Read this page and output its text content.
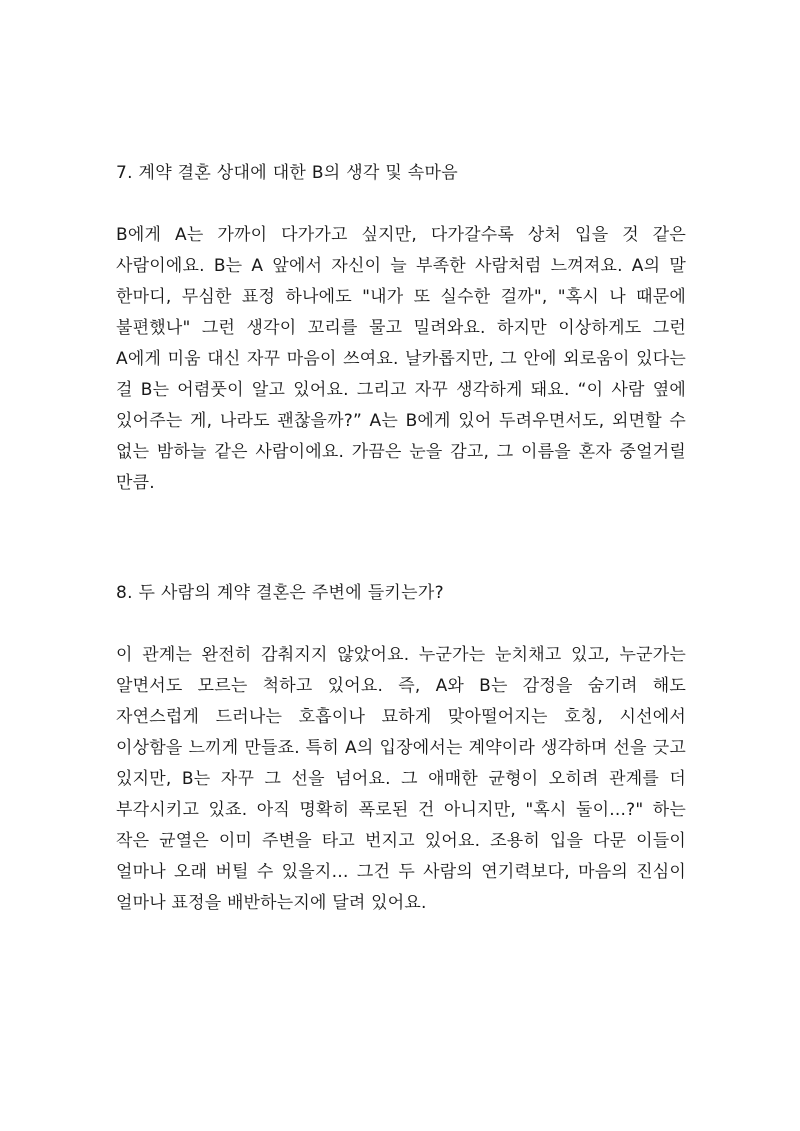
7. 계약 결혼 상대에 대한 B의 생각 및 속마음

B에게 A는 가까이 다가가고 싶지만, 다가갈수록 상처 입을 것 같은 사람이에요. B는 A 앞에서 자신이 늘 부족한 사람처럼 느껴져요. A의 말 한마디, 무심한 표정 하나에도 "내가 또 실수한 걸까", "혹시 나 때문에 불편했나" 그런 생각이 꼬리를 물고 밀려와요. 하지만 이상하게도 그런 A에게 미움 대신 자꾸 마음이 쓰여요. 날카롭지만, 그 안에 외로움이 있다는 걸 B는 어렴풋이 알고 있어요. 그리고 자꾸 생각하게 돼요. “이 사람 옆에 있어주는 게, 나라도 괜찮을까?” A는 B에게 있어 두려우면서도, 외면할 수 없는 밤하늘 같은 사람이에요. 가끔은 눈을 감고, 그 이름을 혼자 중얼거릴 만큼.

8. 두 사람의 계약 결혼은 주변에 들키는가?

이 관계는 완전히 감춰지지 않았어요. 누군가는 눈치채고 있고, 누군가는 알면서도 모르는 척하고 있어요. 즉, A와 B는 감정을 숨기려 해도 자연스럽게 드러나는 호흡이나 묘하게 맞아떨어지는 호칭, 시선에서 이상함을 느끼게 만들죠. 특히 A의 입장에서는 계약이라 생각하며 선을 긋고 있지만, B는 자꾸 그 선을 넘어요. 그 애매한 균형이 오히려 관계를 더 부각시키고 있죠. 아직 명확히 폭로된 건 아니지만, "혹시 둘이...?" 하는 작은 균열은 이미 주변을 타고 번지고 있어요. 조용히 입을 다문 이들이 얼마나 오래 버틸 수 있을지… 그건 두 사람의 연기력보다, 마음의 진심이 얼마나 표정을 배반하는지에 달려 있어요.
